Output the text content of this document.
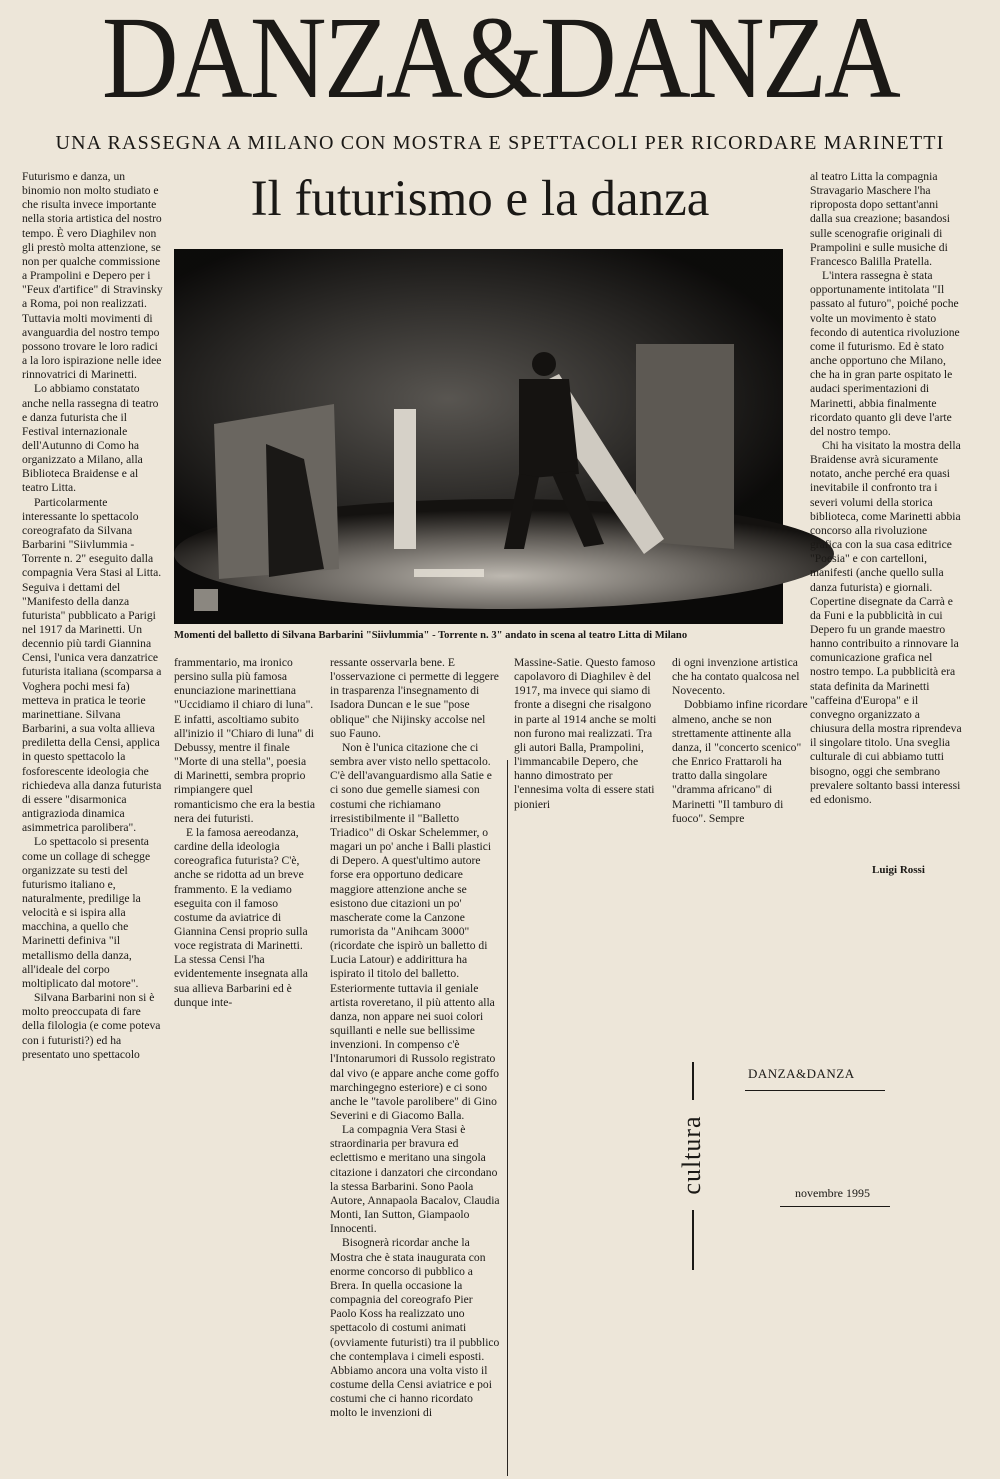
DANZA&DANZA
UNA RASSEGNA A MILANO CON MOSTRA E SPETTACOLI PER RICORDARE MARINETTI
Il futurismo e la danza

Futurismo e danza, un binomio non molto studiato e che risulta invece importante nella storia artistica del nostro tempo. È vero Diaghilev non gli prestò molta attenzione, se non per qualche commissione a Prampolini e Depero per i "Feux d'artifice" di Stravinsky a Roma, poi non realizzati. Tuttavia molti movimenti di avanguardia del nostro tempo possono trovare le loro radici a la loro ispirazione nelle idee rinnovatrici di Marinetti.

Lo abbiamo constatato anche nella rassegna di teatro e danza futurista che il Festival internazionale dell'Autunno di Como ha organizzato a Milano, alla Biblioteca Braidense e al teatro Litta.

Particolarmente interessante lo spettacolo coreografato da Silvana Barbarini "Siivlummia - Torrente n. 2" eseguito dalla compagnia Vera Stasi al Litta. Seguiva i dettami del "Manifesto della danza futurista" pubblicato a Parigi nel 1917 da Marinetti. Un decennio più tardi Giannina Censi, l'unica vera danzatrice futurista italiana (scomparsa a Voghera pochi mesi fa) metteva in pratica le teorie marinettiane. Silvana Barbarini, a sua volta allieva prediletta della Censi, applica in questo spettacolo la fosforescente ideologia che richiedeva alla danza futurista di essere "disarmonica antigrazioda dinamica asimmetrica parolibera".

Lo spettacolo si presenta come un collage di schegge organizzate su testi del futurismo italiano e, naturalmente, predilige la velocità e si ispira alla macchina, a quello che Marinetti definiva "il metallismo della danza, all'ideale del corpo moltiplicato dal motore".

Silvana Barbarini non si è molto preoccupata di fare della filologia (e come potevа con i futuristi?) ed ha presentato uno spettacolo

Momenti del balletto di Silvana Barbarini "Siivlummia" - Torrente n. 3" andato in scena al teatro Litta di Milano

frammentario, ma ironico persino sulla più famosa enunciazione marinettiana "Uccidiamo il chiaro di luna". E infatti, ascoltiamo subito all'inizio il "Chiaro di luna" di Debussy, mentre il finale "Morte di una stella", poesia di Marinetti, sembra proprio rimpiangere quel romanticismo che era la bestia nera dei futuristi.

E la famosa aereodanza, cardine della ideologia coreografica futurista? C'è, anche se ridotta ad un breve frammento. E la vediamo eseguita con il famoso costume da aviatrice di Giannina Censi proprio sulla voce registrata di Marinetti. La stessa Censi l'ha evidentemente insegnata alla sua allieva Barbarini ed è dunque inte-

ressante osservarla bene. E l'osservazione ci permette di leggere in trasparenza l'insegnamento di Isadora Duncan e le sue "pose oblique" che Nijinsky accolse nel suo Fauno.

Non è l'unica citazione che ci sembra aver visto nello spettacolo. C'è dell'avanguardismo alla Satie e ci sono due gemelle siamesi con costumi che richiamano irresistibilmente il "Balletto Triadico" di Oskar Schelemmer, o magari un po' anche i Balli plastici di Depero. A quest'ultimo autore forse era opportuno dedicare maggiore attenzione anche se esistono due citazioni un po' mascherate come la Canzone rumorista da "Anihcam 3000" (ricordate che ispirò un balletto di Lucia Latour) e addirittura ha ispirato il titolo del balletto. Esteriormente tuttavia il geniale artista roveretano, il più attento alla danza, non appare nei suoi colori squillanti e nelle sue bellissime invenzioni. In compenso c'è l'Intonarumori di Russolo registrato dal vivo (e appare anche come goffo marchingegno esteriore) e ci sono anche le "tavole parolibere" di Gino Severini e di Giacomo Balla.

La compagnia Vera Stasi è straordinaria per bravura ed eclettismo e meritano una singola citazione i danzatori che circondano la stessa Barbarini. Sono Paola Autore, Annapaola Bacalov, Claudia Monti, Ian Sutton, Giampaolo Innocenti.

Bisognerà ricordar anche la Mostra che è stata inaugurata con enorme concorso di pubblico a Brera. In quella occasione la compagnia del coreografo Pier Paolo Koss ha realizzato uno spettacolo di costumi animati (ovviamente futuristi) tra il pubblico che contemplava i cimeli esposti. Abbiamo ancora una volta visto il costume della Censi aviatrice e poi costumi che ci hanno ricordato molto le invenzioni di

Massine-Satie. Questo famoso capolavoro di Diaghilev è del 1917, ma invece qui siamo di fronte a disegni che risalgono in parte al 1914 anche se molti non furono mai realizzati. Tra gli autori Balla, Prampolini, l'immancabile Depero, che hanno dimostrato per l'ennesima volta di essere stati pionieri

di ogni invenzione artistica che ha contato qualcosa nel Novecento.

Dobbiamo infine ricordare almeno, anche se non strettamente attinente alla danza, il "concerto scenico" che Enrico Frattaroli ha tratto dalla singolare "dramma africano" di Marinetti "Il tamburo di fuoco". Sempre

al teatro Litta la compagnia Stravagario Maschere l'ha riproposta dopo settant'anni dalla sua creazione; basandosi sulle scenografie originali di Prampolini e sulle musiche di Francesco Balilla Pratella.

L'intera rassegna è stata opportunamente intitolata "Il passato al futuro", poiché poche volte un movimento è stato fecondo di autentica rivoluzione come il futurismo. Ed è stato anche opportuno che Milano, che ha in gran parte ospitato le audaci sperimentazioni di Marinetti, abbia finalmente ricordato quanto gli deve l'arte del nostro tempo.

Chi ha visitato la mostra della Braidense avrà sicuramente notato, anche perché era quasi inevitabile il confronto tra i severi volumi della storica biblioteca, come Marinetti abbia concorso alla rivoluzione grafica con la sua casa editrice "Poesia" e con cartelloni, manifesti (anche quello sulla danza futurista) e giornali. Copertine disegnate da Carrà e da Funi e la pubblicità in cui Depero fu un grande maestro hanno contribuito a rinnovare la comunicazione grafica nel nostro tempo. La pubblicità era stata definita da Marinetti "caffeina d'Europa" e il convegno organizzato a chiusura della mostra riprendeva il singolare titolo. Una sveglia culturale di cui abbiamo tutti bisogno, oggi che sembrano prevalere soltanto bassi interessi ed edonismo.

Luigi Rossi
cultura
DANZA&DANZA
novembre 1995
